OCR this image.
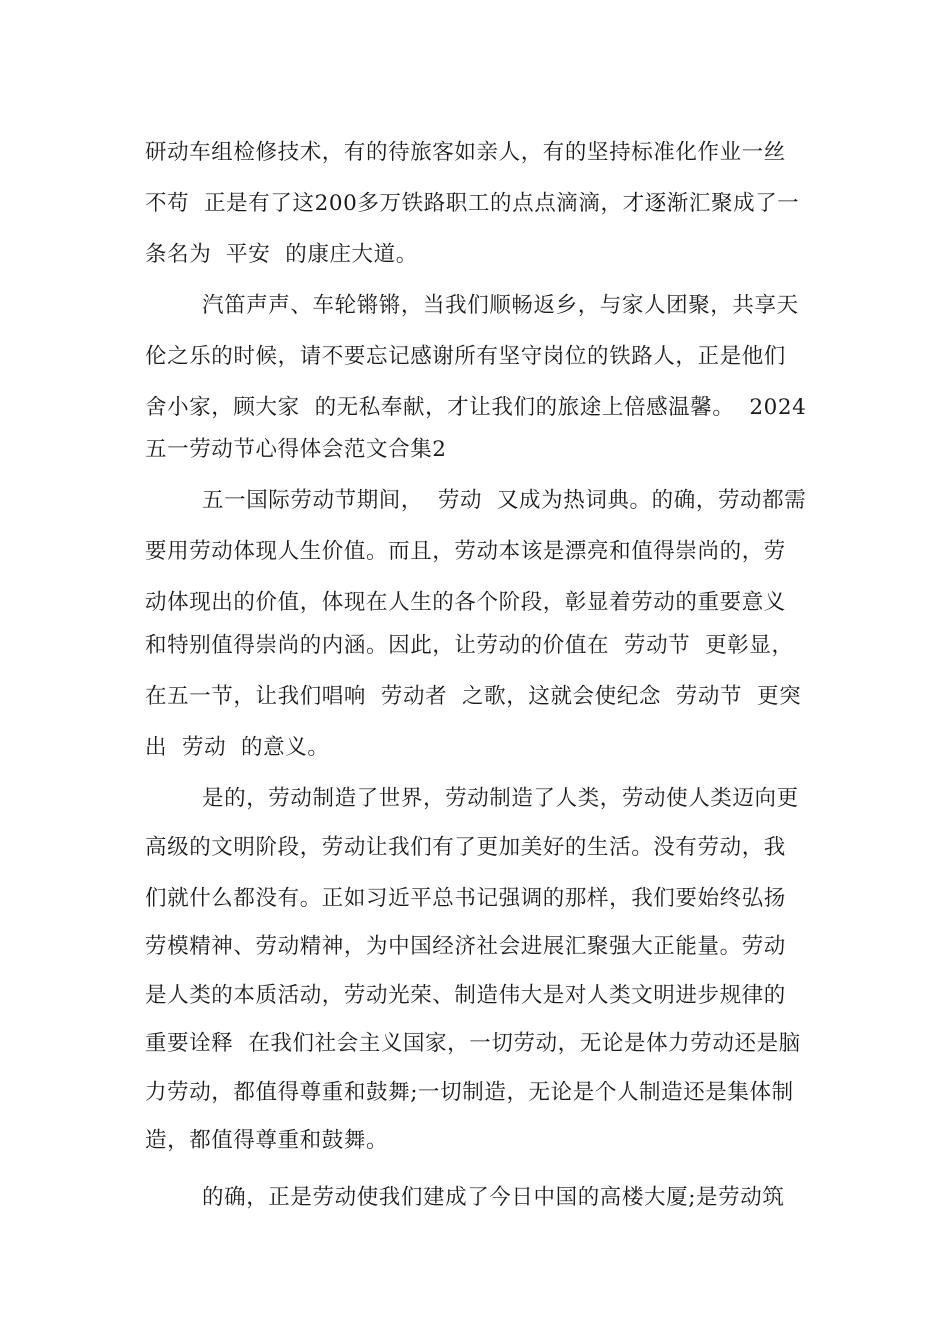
研动车组检修技术，有的待旅客如亲人，有的坚持标准化作业一丝
不苟  正是有了这200多万铁路职工的点点滴滴，才逐渐汇聚成了一
条名为  平安  的康庄大道。
汽笛声声、车轮锵锵，当我们顺畅返乡，与家人团聚，共享天
伦之乐的时候，请不要忘记感谢所有坚守岗位的铁路人，正是他们
舍小家，顾大家  的无私奉献，才让我们的旅途上倍感温馨。  2024
五一劳动节心得体会范文合集2
五一国际劳动节期间，  劳动  又成为热词典。的确，劳动都需
要用劳动体现人生价值。而且，劳动本该是漂亮和值得崇尚的，劳
动体现出的价值，体现在人生的各个阶段，彰显着劳动的重要意义
和特别值得崇尚的内涵。因此，让劳动的价值在  劳动节  更彰显，
在五一节，让我们唱响  劳动者  之歌，这就会使纪念  劳动节  更突
出  劳动  的意义。
是的，劳动制造了世界，劳动制造了人类，劳动使人类迈向更
高级的文明阶段，劳动让我们有了更加美好的生活。没有劳动，我
们就什么都没有。正如习近平总书记强调的那样，我们要始终弘扬
劳模精神、劳动精神，为中国经济社会进展汇聚强大正能量。劳动
是人类的本质活动，劳动光荣、制造伟大是对人类文明进步规律的
重要诠释  在我们社会主义国家，一切劳动，无论是体力劳动还是脑
力劳动，都值得尊重和鼓舞;一切制造，无论是个人制造还是集体制
造，都值得尊重和鼓舞。
的确，正是劳动使我们建成了今日中国的高楼大厦;是劳动筑
